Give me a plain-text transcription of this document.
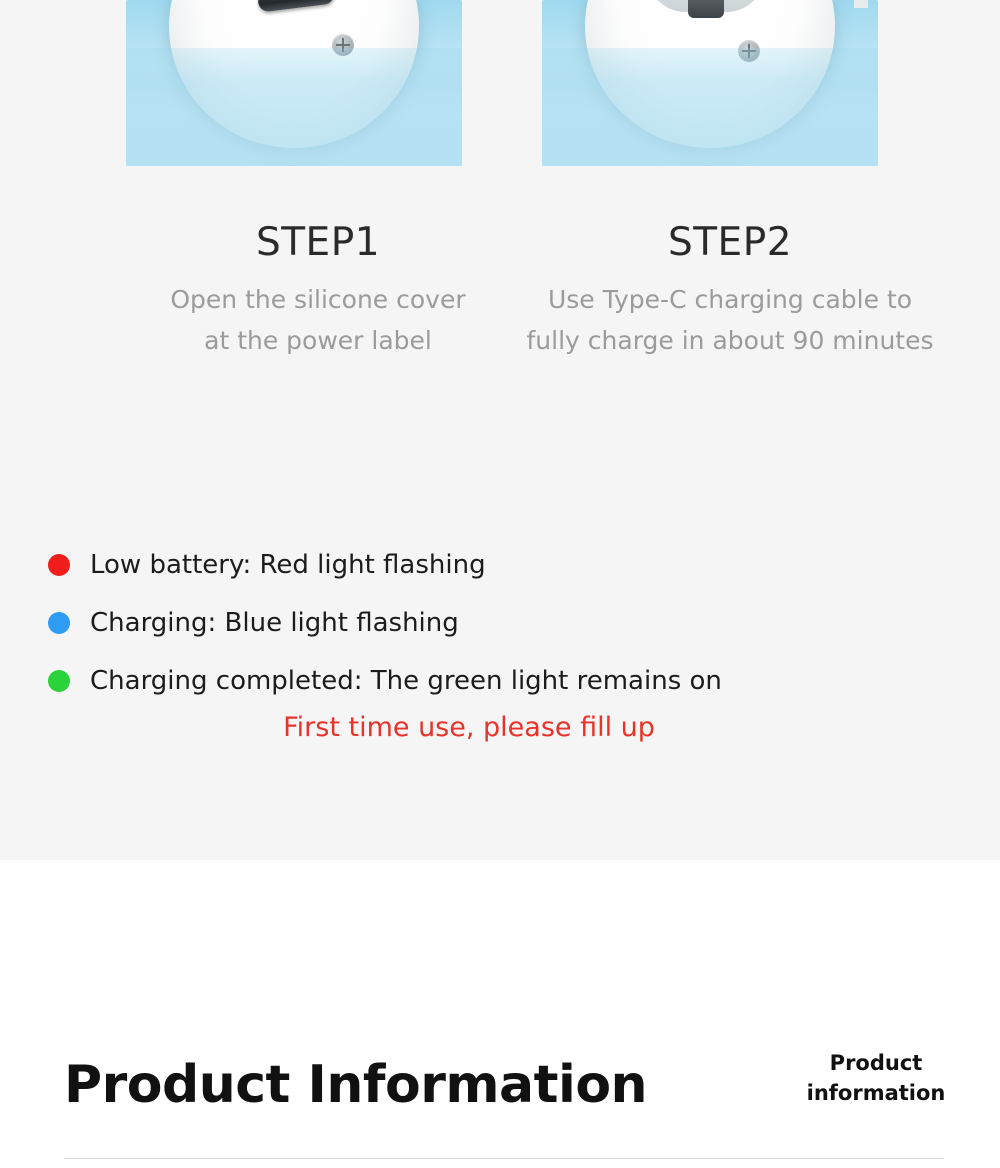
STEP1
Open the silicone cover
at the power label
STEP2
Use Type-C charging cable to
fully charge in about 90 minutes
Low battery: Red light flashing
Charging: Blue light flashing
Charging completed: The green light remains on
First time use, please fill up
Product Information	Product
information
